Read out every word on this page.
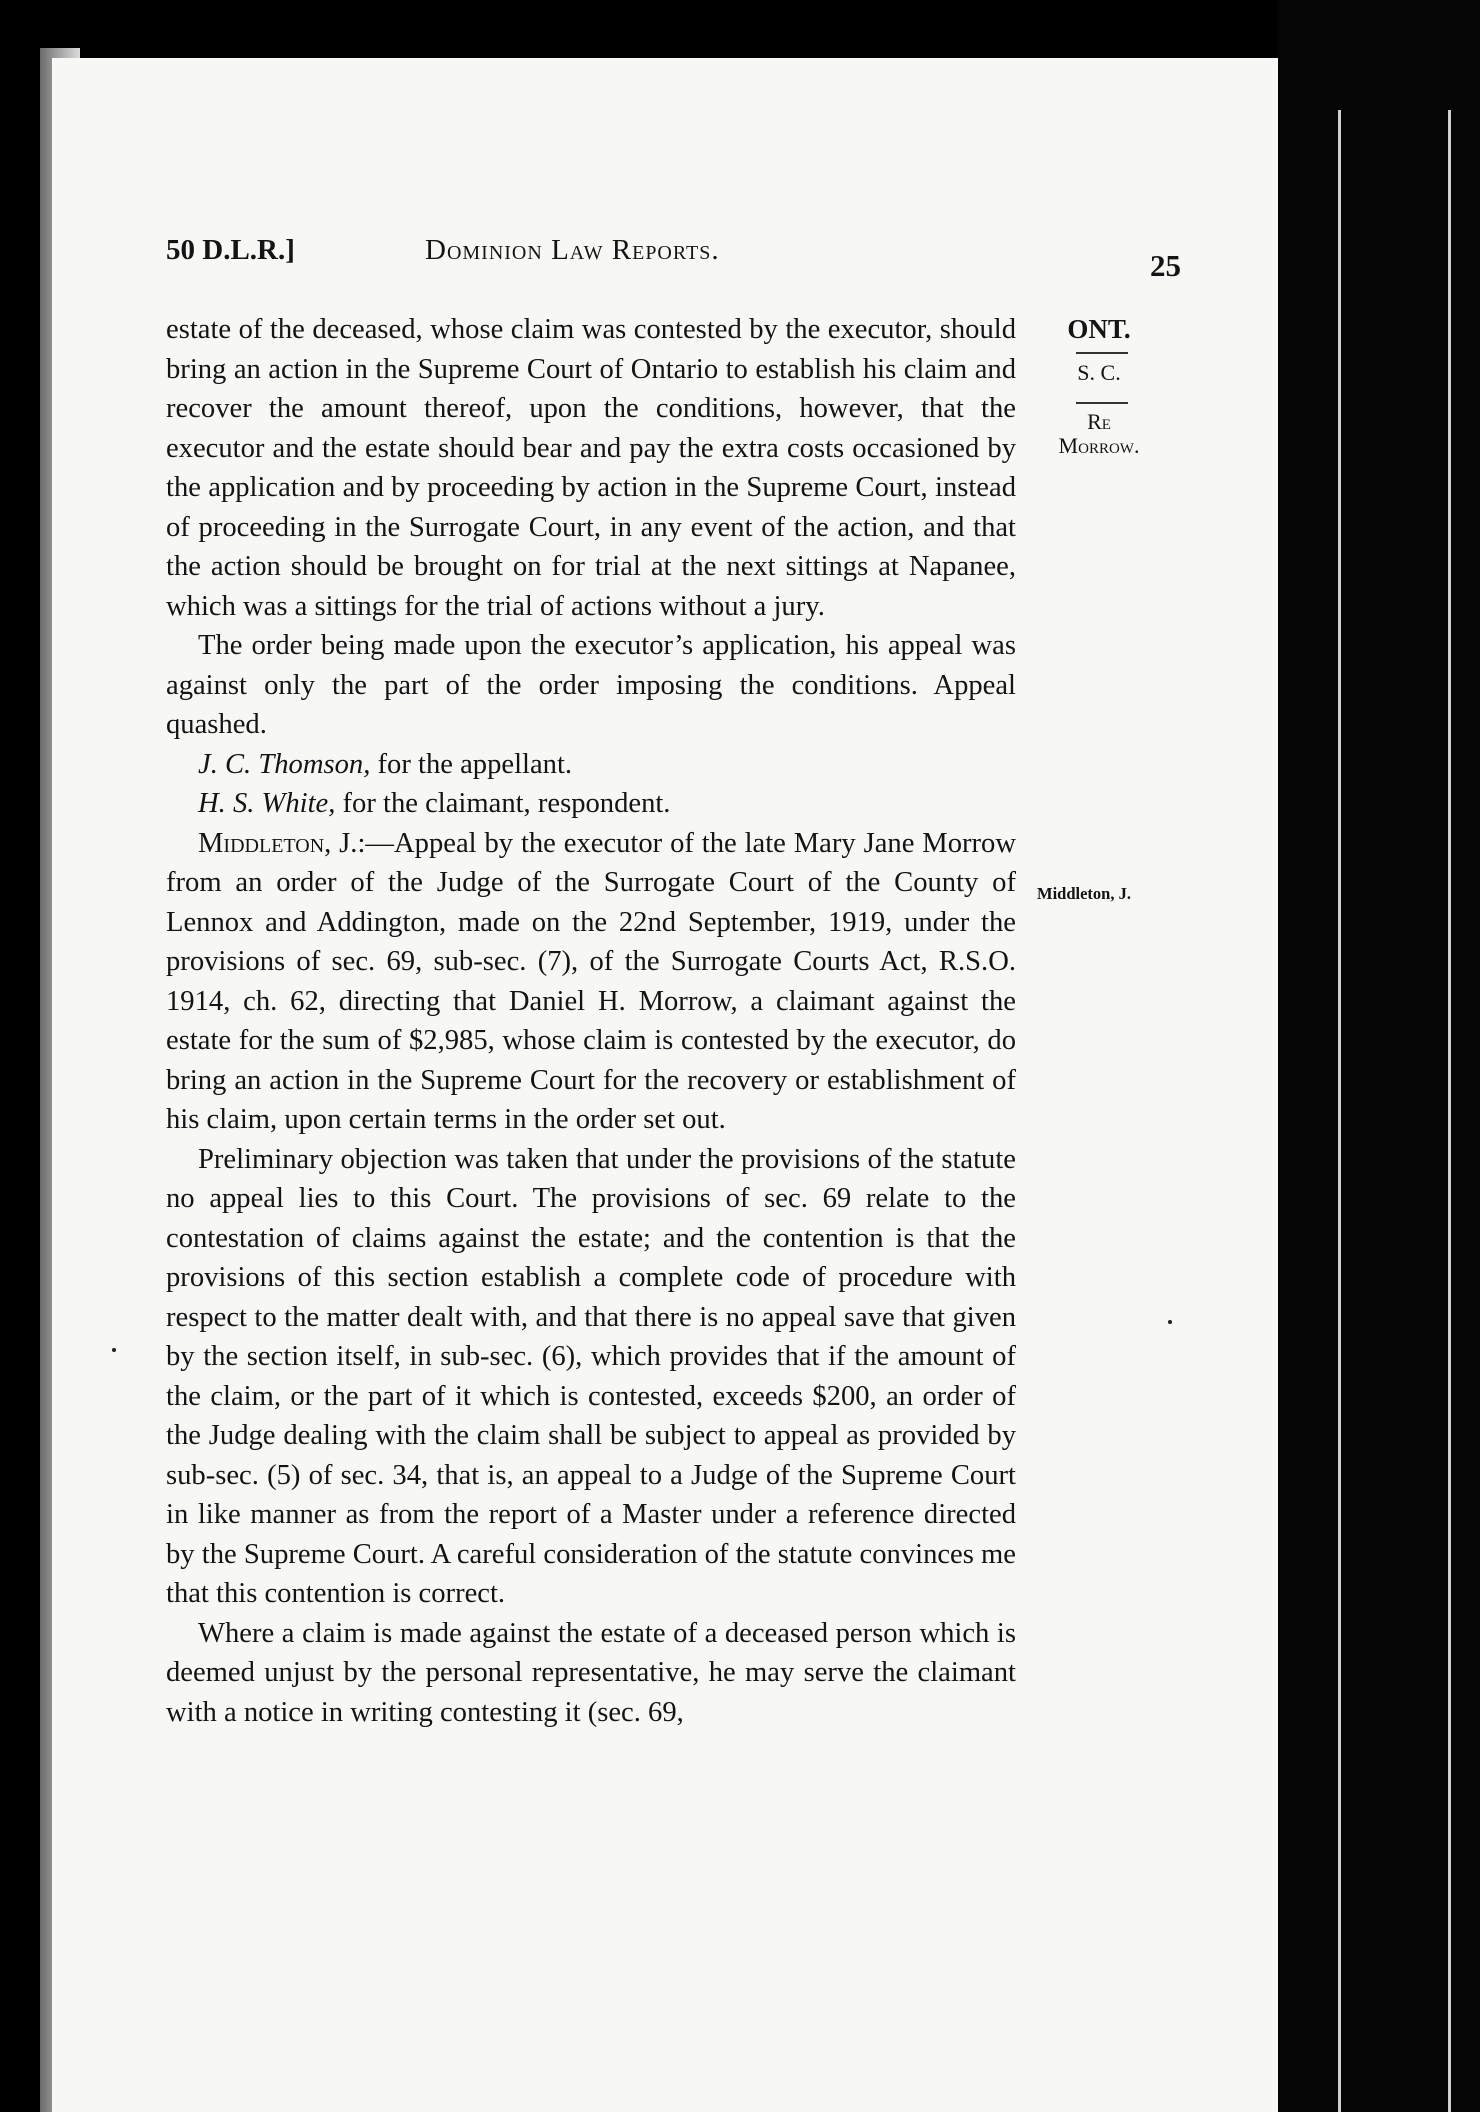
50 D.L.R.]	Dominion Law Reports.	25
ONT.
S. C.
Re
Morrow.
Middleton, J.

estate of the deceased, whose claim was contested by the executor, should bring an action in the Supreme Court of Ontario to establish his claim and recover the amount thereof, upon the conditions, however, that the executor and the estate should bear and pay the extra costs occasioned by the application and by proceeding by action in the Supreme Court, instead of proceeding in the Surrogate Court, in any event of the action, and that the action should be brought on for trial at the next sittings at Napanee, which was a sittings for the trial of actions without a jury.

The order being made upon the executor’s application, his appeal was against only the part of the order imposing the conditions. Appeal quashed.

J. C. Thomson, for the appellant.

H. S. White, for the claimant, respondent.

Middleton, J.:—Appeal by the executor of the late Mary Jane Morrow from an order of the Judge of the Surrogate Court of the County of Lennox and Addington, made on the 22nd September, 1919, under the provisions of sec. 69, sub-sec. (7), of the Surrogate Courts Act, R.S.O. 1914, ch. 62, directing that Daniel H. Morrow, a claimant against the estate for the sum of $2,985, whose claim is contested by the executor, do bring an action in the Supreme Court for the recovery or establishment of his claim, upon certain terms in the order set out.

Preliminary objection was taken that under the provisions of the statute no appeal lies to this Court. The provisions of sec. 69 relate to the contestation of claims against the estate; and the contention is that the provisions of this section establish a complete code of procedure with respect to the matter dealt with, and that there is no appeal save that given by the section itself, in sub-sec. (6), which provides that if the amount of the claim, or the part of it which is contested, exceeds $200, an order of the Judge dealing with the claim shall be subject to appeal as provided by sub-sec. (5) of sec. 34, that is, an appeal to a Judge of the Supreme Court in like manner as from the report of a Master under a reference directed by the Supreme Court. A careful consideration of the statute convinces me that this contention is correct.

Where a claim is made against the estate of a deceased person which is deemed unjust by the personal representative, he may serve the claimant with a notice in writing contesting it (sec. 69,
